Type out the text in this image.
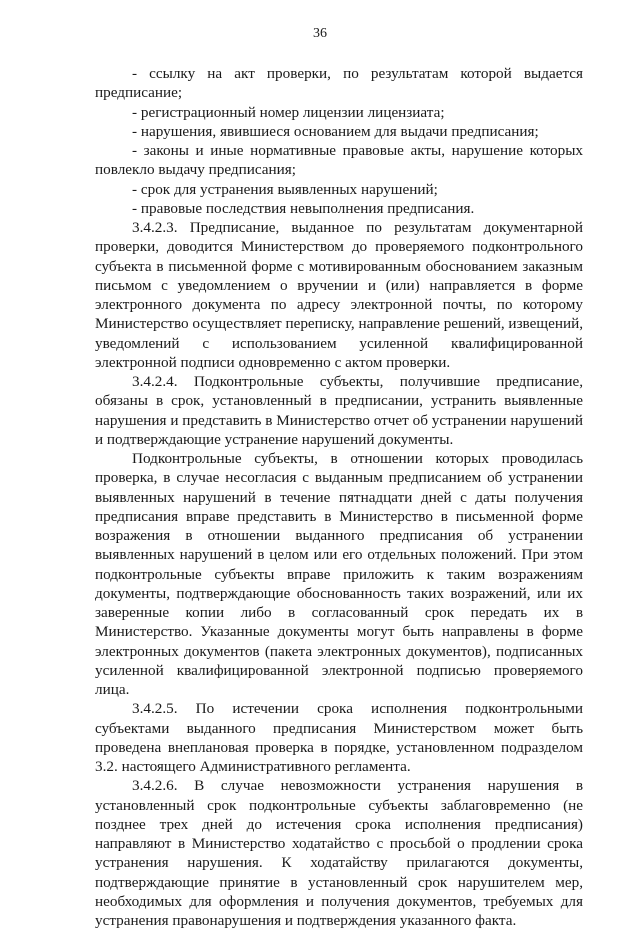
36

- ссылку на акт проверки, по результатам которой выдается предписание;

- регистрационный номер лицензии лицензиата;

- нарушения, явившиеся основанием для выдачи предписания;

- законы и иные нормативные правовые акты, нарушение которых повлекло выдачу предписания;

- срок для устранения выявленных нарушений;

- правовые последствия невыполнения предписания.

3.4.2.3. Предписание, выданное по результатам документарной проверки, доводится Министерством до проверяемого подконтрольного субъекта в письменной форме с мотивированным обоснованием заказным письмом с уведомлением о вручении и (или) направляется в форме электронного документа по адресу электронной почты, по которому Министерство осуществляет переписку, направление решений, извещений, уведомлений с использованием усиленной квалифицированной электронной подписи одновременно с актом проверки.

3.4.2.4. Подконтрольные субъекты, получившие предписание, обязаны в срок, установленный в предписании, устранить выявленные нарушения и представить в Министерство отчет об устранении нарушений и подтверждающие устранение нарушений документы.

Подконтрольные субъекты, в отношении которых проводилась проверка, в случае несогласия с выданным предписанием об устранении выявленных нарушений в течение пятнадцати дней с даты получения предписания вправе представить в Министерство в письменной форме возражения в отношении выданного предписания об устранении выявленных нарушений в целом или его отдельных положений. При этом подконтрольные субъекты вправе приложить к таким возражениям документы, подтверждающие обоснованность таких возражений, или их заверенные копии либо в согласованный срок передать их в Министерство. Указанные документы могут быть направлены в форме электронных документов (пакета электронных документов), подписанных усиленной квалифицированной электронной подписью проверяемого лица.

3.4.2.5. По истечении срока исполнения подконтрольными субъектами выданного предписания Министерством может быть проведена внеплановая проверка в порядке, установленном подразделом 3.2. настоящего Административного регламента.

3.4.2.6. В случае невозможности устранения нарушения в установленный срок подконтрольные субъекты заблаговременно (не позднее трех дней до истечения срока исполнения предписания) направляют в Министерство ходатайство с просьбой о продлении срока устранения нарушения. К ходатайству прилагаются документы, подтверждающие принятие в установленный срок нарушителем мер, необходимых для оформления и получения документов, требуемых для устранения правонарушения и подтверждения указанного факта.
